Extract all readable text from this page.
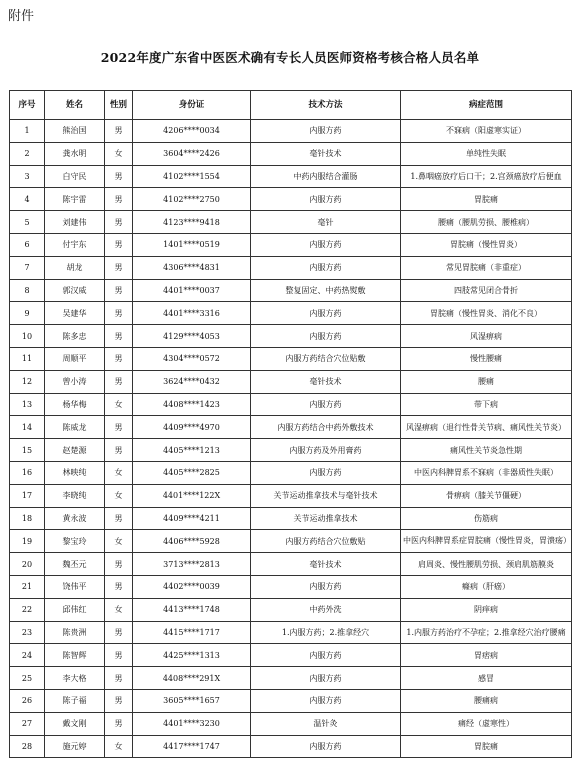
附件
2022年度广东省中医医术确有专长人员医师资格考核合格人员名单
序号	姓名	性别	身份证	技术方法	病症范围
1	熊治国	男	4206****0034	内服方药	不寐病（阳虚寒实证）
2	龚水明	女	3604****2426	毫针技术	单纯性失眠
3	白守民	男	4102****1554	中药内服结合灌肠	1.鼻咽癌放疗后口干；2.宫颈癌放疗后便血
4	陈宇雷	男	4102****2750	内服方药	胃脘痛
5	刘建伟	男	4123****9418	毫针	腰痛（腰肌劳损、腰椎病）
6	付宇东	男	1401****0519	内服方药	胃脘痛（慢性胃炎）
7	胡龙	男	4306****4831	内服方药	常见胃脘痛（非重症）
8	郭汉威	男	4401****0037	整复固定、中药热熨敷	四肢常见闭合骨折
9	吴建华	男	4401****3316	内服方药	胃脘痛（慢性胃炎、消化不良）
10	陈多忠	男	4129****4053	内服方药	风湿痹病
11	周顺平	男	4304****0572	内服方药结合穴位贴敷	慢性腰痛
12	曾小涛	男	3624****0432	毫针技术	腰痛
13	杨华梅	女	4408****1423	内服方药	带下病
14	陈威龙	男	4409****4970	内服方药结合中药外敷技术	风湿痹病（退行性骨关节病、痛风性关节炎）
15	赵楚源	男	4405****1213	内服方药及外用膏药	痛风性关节炎急性期
16	林映纯	女	4405****2825	内服方药	中医内科脾胃系不寐病（非器质性失眠）
17	李晓纯	女	4401****122X	关节运动推拿技术与毫针技术	骨痹病（膝关节僵硬）
18	黄永波	男	4409****4211	关节运动推拿技术	伤筋病
19	黎宝玲	女	4406****5928	内服方药结合穴位敷贴	中医内科脾胃系症胃脘痛（慢性胃炎，胃溃疡）
20	魏丕元	男	3713****2813	毫针技术	肩周炎、慢性腰肌劳损、颈肩肌筋膜炎
21	饶伟平	男	4402****0039	内服方药	癃病（肝癌）
22	邱伟红	女	4413****1748	中药外洗	阴痒病
23	陈贵洲	男	4415****1717	1.内服方药；2.推拿经穴	1.内服方药治疗不孕症；2.推拿经穴治疗腰痛
24	陈智辉	男	4425****1313	内服方药	胃痞病
25	李大格	男	4408****291X	内服方药	感冒
26	陈子福	男	3605****1657	内服方药	腰痛病
27	戴文刚	男	4401****3230	温针灸	痛经（虚寒性）
28	施元婷	女	4417****1747	内服方药	胃脘痛
